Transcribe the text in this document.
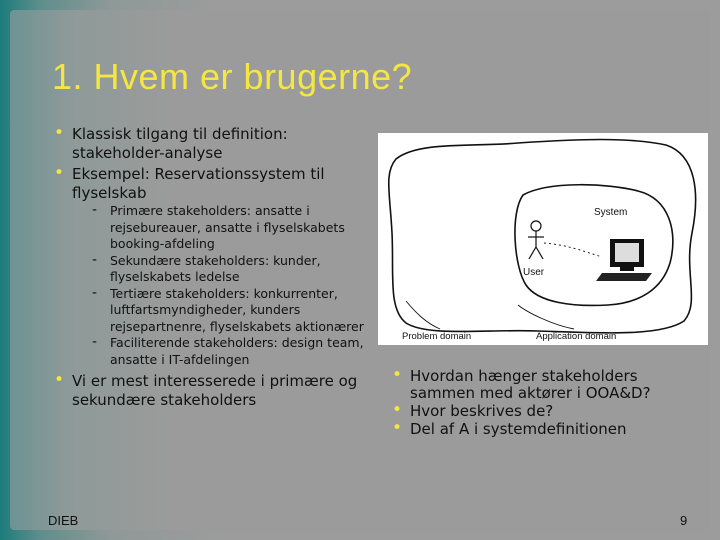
1. Hvem er brugerne?
• Klassisk tilgang til definition: stakeholder-analyse
• Eksempel: Reservationssystem til flyselskab
- Primære stakeholders: ansatte i rejsebureauer, ansatte i flyselskabets booking-afdeling
- Sekundære stakeholders: kunder, flyselskabets ledelse
- Tertiære stakeholders: konkurrenter, luftfartsmyndigheder, kunders rejsepartnenre, flyselskabets aktionærer
- Faciliterende stakeholders: design team, ansatte i IT-afdelingen
• Vi er mest interesserede i primære og sekundære stakeholders
System
User
Problem domain	Application domain
• Hvordan hænger stakeholders sammen med aktører i OOA&D?
• Hvor beskrives de?
• Del af A i systemdefinitionen
DIEB	9
